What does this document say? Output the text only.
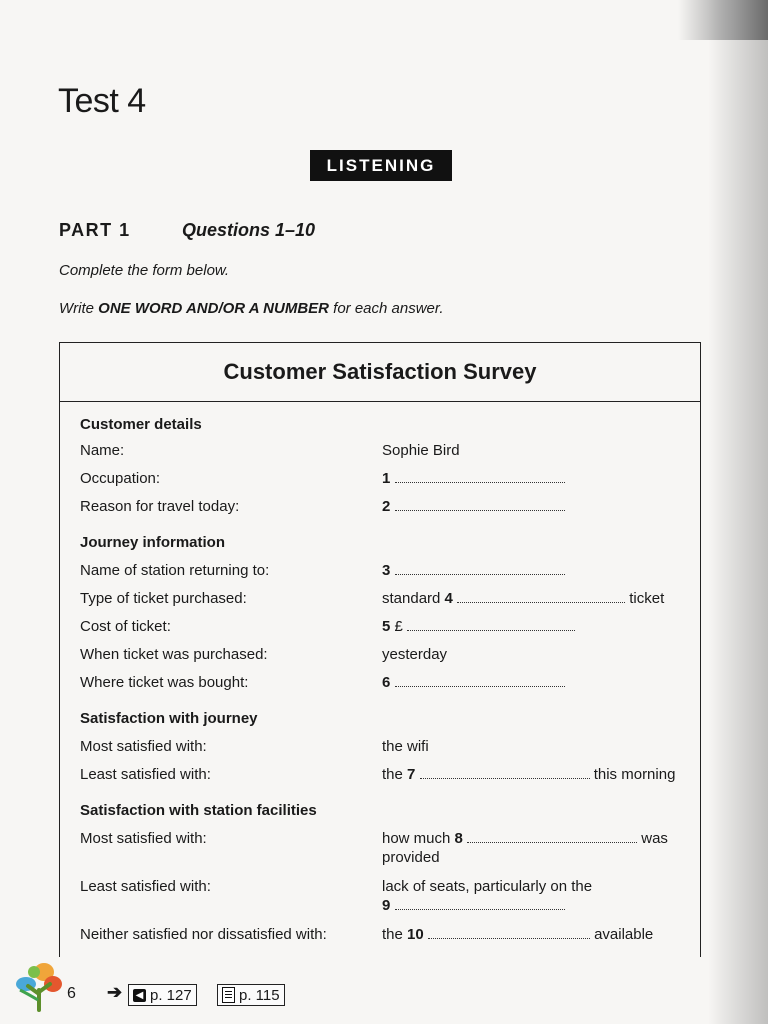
Test 4
LISTENING
PART 1	Questions 1–10
Complete the form below.
Write ONE WORD AND/OR A NUMBER for each answer.
Customer Satisfaction Survey
Customer details
Name:	Sophie Bird
Occupation:	1
Reason for travel today:	2
Journey information
Name of station returning to:	3
Type of ticket purchased:	standard 4	ticket
Cost of ticket:	5 £
When ticket was purchased:	yesterday
Where ticket was bought:	6
Satisfaction with journey
Most satisfied with:	the wifi
Least satisfied with:	the 7	this morning
Satisfaction with station facilities
Most satisfied with:	how much 8	was
provided
Least satisfied with:	lack of seats, particularly on the
9
Neither satisfied nor dissatisfied with:	the 10	available
6 ➔ ◀ p. 127	p. 115
